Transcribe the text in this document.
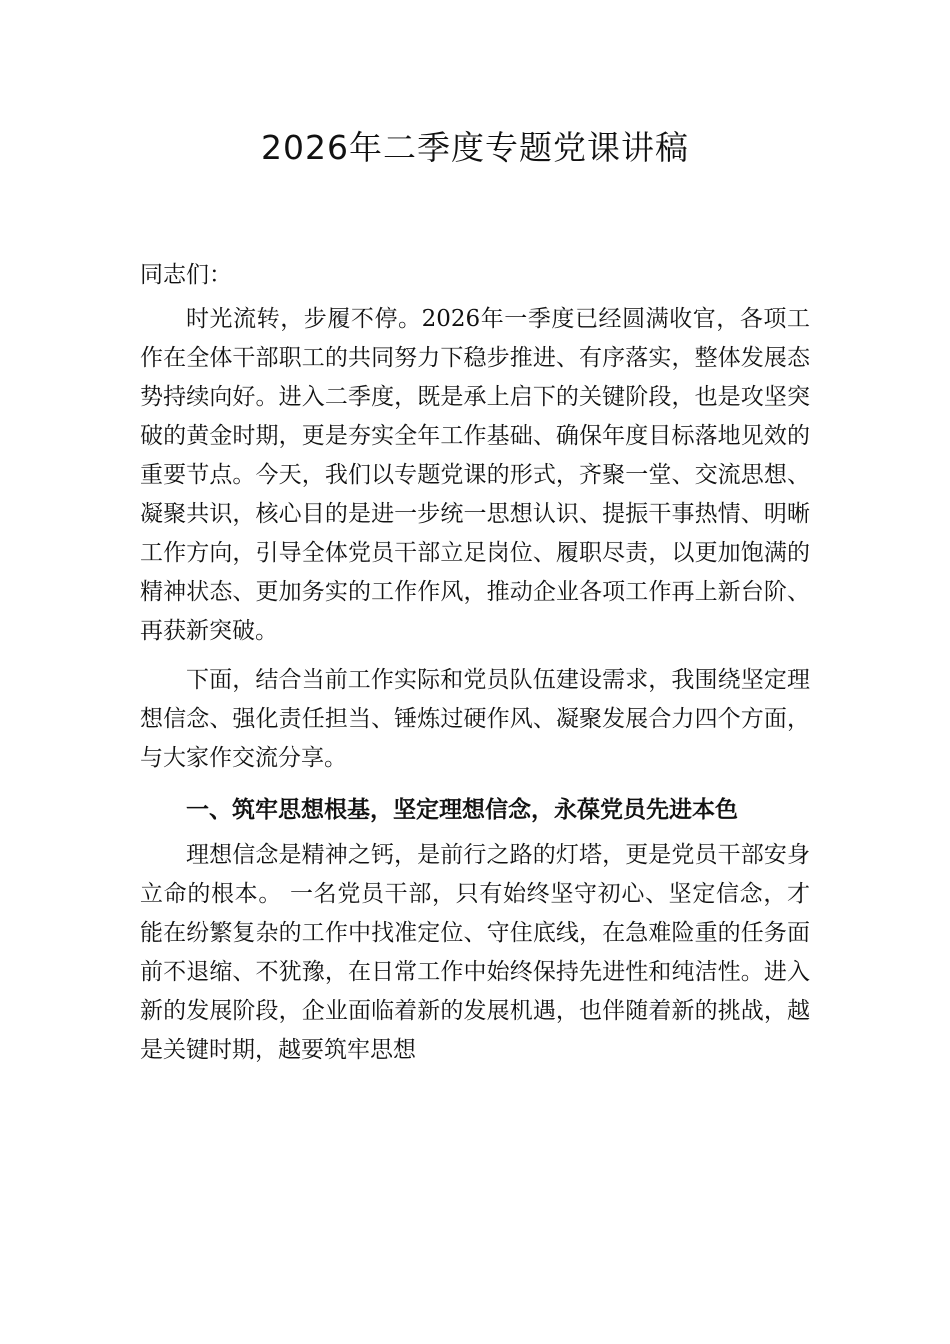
2026年二季度专题党课讲稿

同志们：

时光流转，步履不停。2026年一季度已经圆满收官，各项工作在全体干部职工的共同努力下稳步推进、有序落实，整体发展态势持续向好。进入二季度，既是承上启下的关键阶段，也是攻坚突破的黄金时期，更是夯实全年工作基础、确保年度目标落地见效的重要节点。今天，我们以专题党课的形式，齐聚一堂、交流思想、凝聚共识，核心目的是进一步统一思想认识、提振干事热情、明晰工作方向，引导全体党员干部立足岗位、履职尽责，以更加饱满的精神状态、更加务实的工作作风，推动企业各项工作再上新台阶、再获新突破。

下面，结合当前工作实际和党员队伍建设需求，我围绕坚定理想信念、强化责任担当、锤炼过硬作风、凝聚发展合力四个方面，与大家作交流分享。

一、筑牢思想根基，坚定理想信念，永葆党员先进本色

理想信念是精神之钙，是前行之路的灯塔，更是党员干部安身立命的根本。 一名党员干部，只有始终坚守初心、坚定信念，才能在纷繁复杂的工作中找准定位、守住底线，在急难险重的任务面前不退缩、不犹豫，在日常工作中始终保持先进性和纯洁性。进入新的发展阶段，企业面临着新的发展机遇，也伴随着新的挑战，越是关键时期，越要筑牢思想
